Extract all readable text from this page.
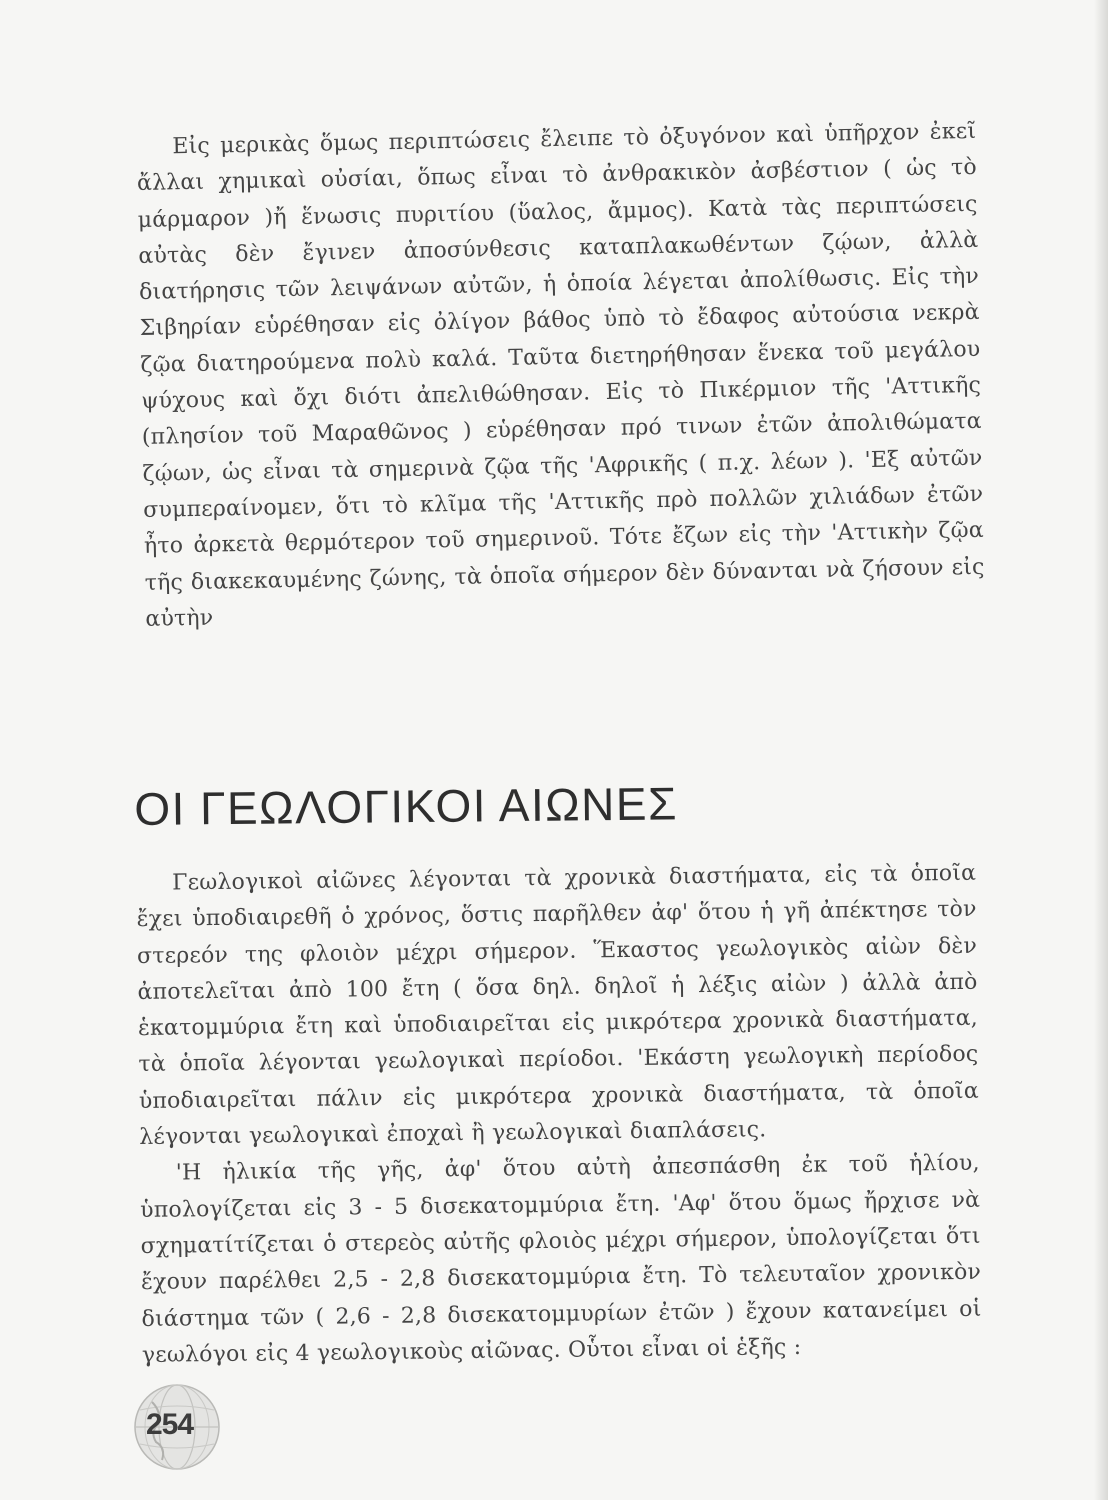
Εἰς μερικὰς ὅμως περιπτώσεις ἔλειπε τὸ ὀξυγόνον καὶ ὑπῆρχον ἐκεῖ ἄλλαι χημικαὶ οὐσίαι, ὅπως εἶναι τὸ ἀνθρακικὸν ἀσβέστιον ( ὡς τὸ μάρμαρον )ἤ ἕνωσις πυριτίου (ὕαλος, ἄμμος). Κατὰ τὰς περιπτώσεις αὐτὰς δὲν ἔγινεν ἀποσύνθεσις καταπλακωθέντων ζῴων, ἀλλὰ διατήρησις τῶν λειψάνων αὐτῶν, ἡ ὁποία λέγεται ἀπολίθωσις. Εἰς τὴν Σιβηρίαν εὑρέθησαν εἰς ὀλίγον βάθος ὑπὸ τὸ ἔδαφος αὐτούσια νεκρὰ ζῷα διατηρούμενα πολὺ καλά. Ταῦτα διετηρήθησαν ἕνεκα τοῦ μεγάλου ψύχους καὶ ὄχι διότι ἀπελιθώθησαν. Εἰς τὸ Πικέρμιον τῆς 'Αττικῆς (πλησίον τοῦ Μαραθῶνος ) εὑρέθησαν πρό τινων ἐτῶν ἀπολιθώματα ζῴων, ὡς εἶναι τὰ σημερινὰ ζῷα τῆς 'Αφρικῆς ( π.χ. λέων ). 'Εξ αὐτῶν συμπεραίνομεν, ὅτι τὸ κλῖμα τῆς 'Αττικῆς πρὸ πολλῶν χιλιάδων ἐτῶν ἦτο ἀρκετὰ θερμότερον τοῦ σημερινοῦ. Τότε ἔζων εἰς τὴν 'Αττικὴν ζῷα τῆς διακεκαυμένης ζώνης, τὰ ὁποῖα σήμερον δὲν δύνανται νὰ ζήσουν εἰς αὐτὴν

ΟΙ ΓΕΩΛΟΓΙΚΟΙ ΑΙΩΝΕΣ

Γεωλογικοὶ αἰῶνες λέγονται τὰ χρονικὰ διαστήματα, εἰς τὰ ὁποῖα ἔχει ὑποδιαιρεθῆ ὁ χρόνος, ὅστις παρῆλθεν ἀφ' ὅτου ἡ γῆ ἀπέκτησε τὸν στερεόν της φλοιὸν μέχρι σήμερον. Ἕκαστος γεωλογικὸς αἰὼν δὲν ἀποτελεῖται ἀπὸ 100 ἔτη ( ὅσα δηλ. δηλοῖ ἡ λέξις αἰὼν ) ἀλλὰ ἀπὸ ἑκατομμύρια ἔτη καὶ ὑποδιαιρεῖται εἰς μικρότερα χρονικὰ διαστήματα, τὰ ὁποῖα λέγονται γεωλογικαὶ περίοδοι. 'Εκάστη γεωλογικὴ περίοδος ὑποδιαιρεῖται πάλιν εἰς μικρότερα χρονικὰ διαστήματα, τὰ ὁποῖα λέγονται γεωλογικαὶ ἐποχαὶ ἢ γεωλογικαὶ διαπλάσεις.

'Η ἡλικία τῆς γῆς, ἀφ' ὅτου αὐτὴ ἀπεσπάσθη ἐκ τοῦ ἡλίου, ὑπολογίζεται εἰς 3 - 5 δισεκατομμύρια ἔτη. 'Αφ' ὅτου ὅμως ἤρχισε νὰ σχηματίτίζεται ὁ στερεὸς αὐτῆς φλοιὸς μέχρι σήμερον, ὑπολογίζεται ὅτι ἔχουν παρέλθει 2,5 - 2,8 δισεκατομμύρια ἔτη. Τὸ τελευταῖον χρονικὸν διάστημα τῶν ( 2,6 - 2,8 δισεκατομμυρίων ἐτῶν ) ἔχουν κατανείμει οἱ γεωλόγοι εἰς 4 γεωλογικοὺς αἰῶνας. Οὗτοι εἶναι οἱ ἑξῆς :

254
